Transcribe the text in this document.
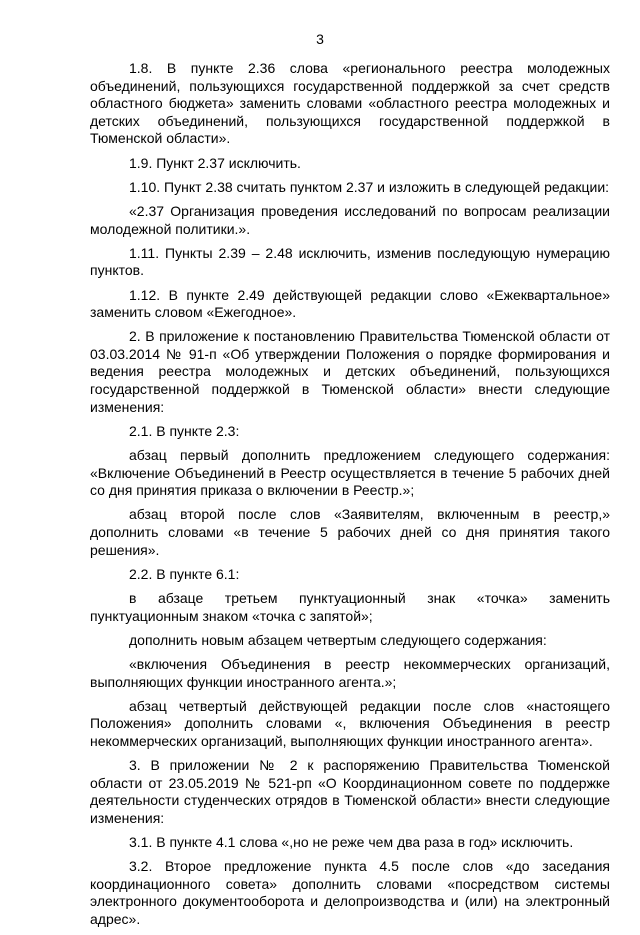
3

1.8. В пункте 2.36 слова «регионального реестра молодежных объединений, пользующихся государственной поддержкой за счет средств областного бюджета» заменить словами «областного реестра молодежных и детских объединений, пользующихся государственной поддержкой в Тюменской области».

1.9. Пункт 2.37 исключить.

1.10. Пункт 2.38 считать пунктом 2.37 и изложить в следующей редакции:

«2.37 Организация проведения исследований по вопросам реализации молодежной политики.».

1.11. Пункты 2.39 – 2.48 исключить, изменив последующую нумерацию пунктов.

1.12. В пункте 2.49 действующей редакции слово «Ежеквартальное» заменить словом «Ежегодное».

2. В приложение к постановлению Правительства Тюменской области от 03.03.2014 № 91-п «Об утверждении Положения о порядке формирования и ведения реестра молодежных и детских объединений, пользующихся государственной поддержкой в Тюменской области» внести следующие изменения:

2.1. В пункте 2.3:

абзац первый дополнить предложением следующего содержания: «Включение Объединений в Реестр осуществляется в течение 5 рабочих дней со дня принятия приказа о включении в Реестр.»;

абзац второй после слов «Заявителям, включенным в реестр,» дополнить словами «в течение 5 рабочих дней со дня принятия такого решения».

2.2. В пункте 6.1:

в абзаце третьем пунктуационный знак «точка» заменить пунктуационным знаком «точка с запятой»;

дополнить новым абзацем четвертым следующего содержания:

«включения Объединения в реестр некоммерческих организаций, выполняющих функции иностранного агента.»;

абзац четвертый действующей редакции после слов «настоящего Положения» дополнить словами «, включения Объединения в реестр некоммерческих организаций, выполняющих функции иностранного агента».

3. В приложении № 2 к распоряжению Правительства Тюменской области от 23.05.2019 № 521-рп «О Координационном совете по поддержке деятельности студенческих отрядов в Тюменской области» внести следующие изменения:

3.1. В пункте 4.1 слова «,но не реже чем два раза в год» исключить.

3.2. Второе предложение пункта 4.5 после слов «до заседания координационного совета» дополнить словами «посредством системы электронного документооборота и делопроизводства и (или) на электронный адрес».
